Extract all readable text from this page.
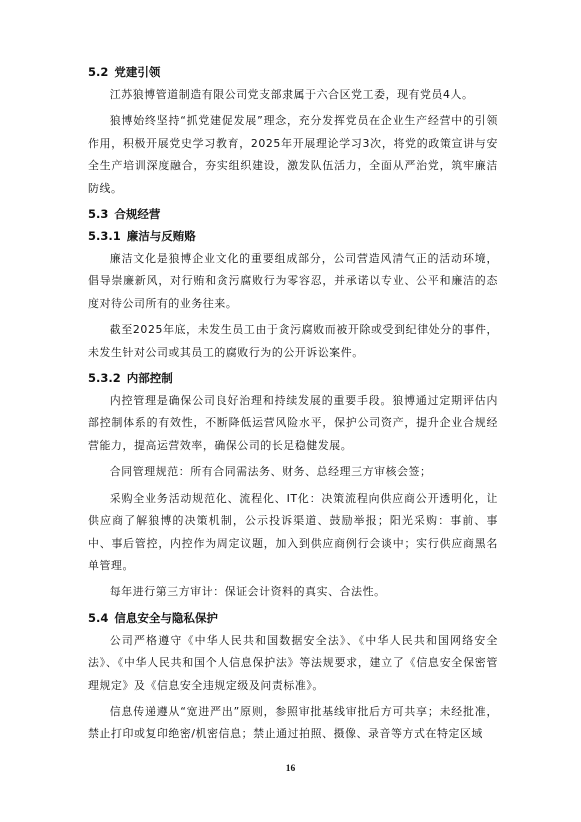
5.2 党建引领
江苏狼博管道制造有限公司党支部隶属于六合区党工委，现有党员4人。
狼博始终坚持“抓党建促发展”理念，充分发挥党员在企业生产经营中的引领作用，积极开展党史学习教育，2025年开展理论学习3次，将党的政策宣讲与安全生产培训深度融合，夯实组织建设，激发队伍活力，全面从严治党，筑牢廉洁防线。
5.3 合规经营
5.3.1 廉洁与反贿赂
廉洁文化是狼博企业文化的重要组成部分，公司营造风清气正的活动环境，倡导崇廉新风，对行贿和贪污腐败行为零容忍，并承诺以专业、公平和廉洁的态度对待公司所有的业务往来。
截至2025年底，未发生员工由于贪污腐败而被开除或受到纪律处分的事件，未发生针对公司或其员工的腐败行为的公开诉讼案件。
5.3.2 内部控制
内控管理是确保公司良好治理和持续发展的重要手段。狼博通过定期评估内部控制体系的有效性，不断降低运营风险水平，保护公司资产，提升企业合规经营能力，提高运营效率，确保公司的长足稳健发展。
合同管理规范：所有合同需法务、财务、总经理三方审核会签；
采购全业务活动规范化、流程化、IT化：决策流程向供应商公开透明化，让供应商了解狼博的决策机制，公示投诉渠道、鼓励举报；阳光采购：事前、事中、事后管控，内控作为周定议题，加入到供应商例行会谈中；实行供应商黑名单管理。
每年进行第三方审计：保证会计资料的真实、合法性。
5.4 信息安全与隐私保护
公司严格遵守《中华人民共和国数据安全法》、《中华人民共和国网络安全法》、《中华人民共和国个人信息保护法》等法规要求，建立了《信息安全保密管理规定》及《信息安全违规定级及问责标准》。
信息传递遵从“宽进严出”原则，参照审批基线审批后方可共享；未经批准，禁止打印或复印绝密/机密信息；禁止通过拍照、摄像、录音等方式在特定区域
16
